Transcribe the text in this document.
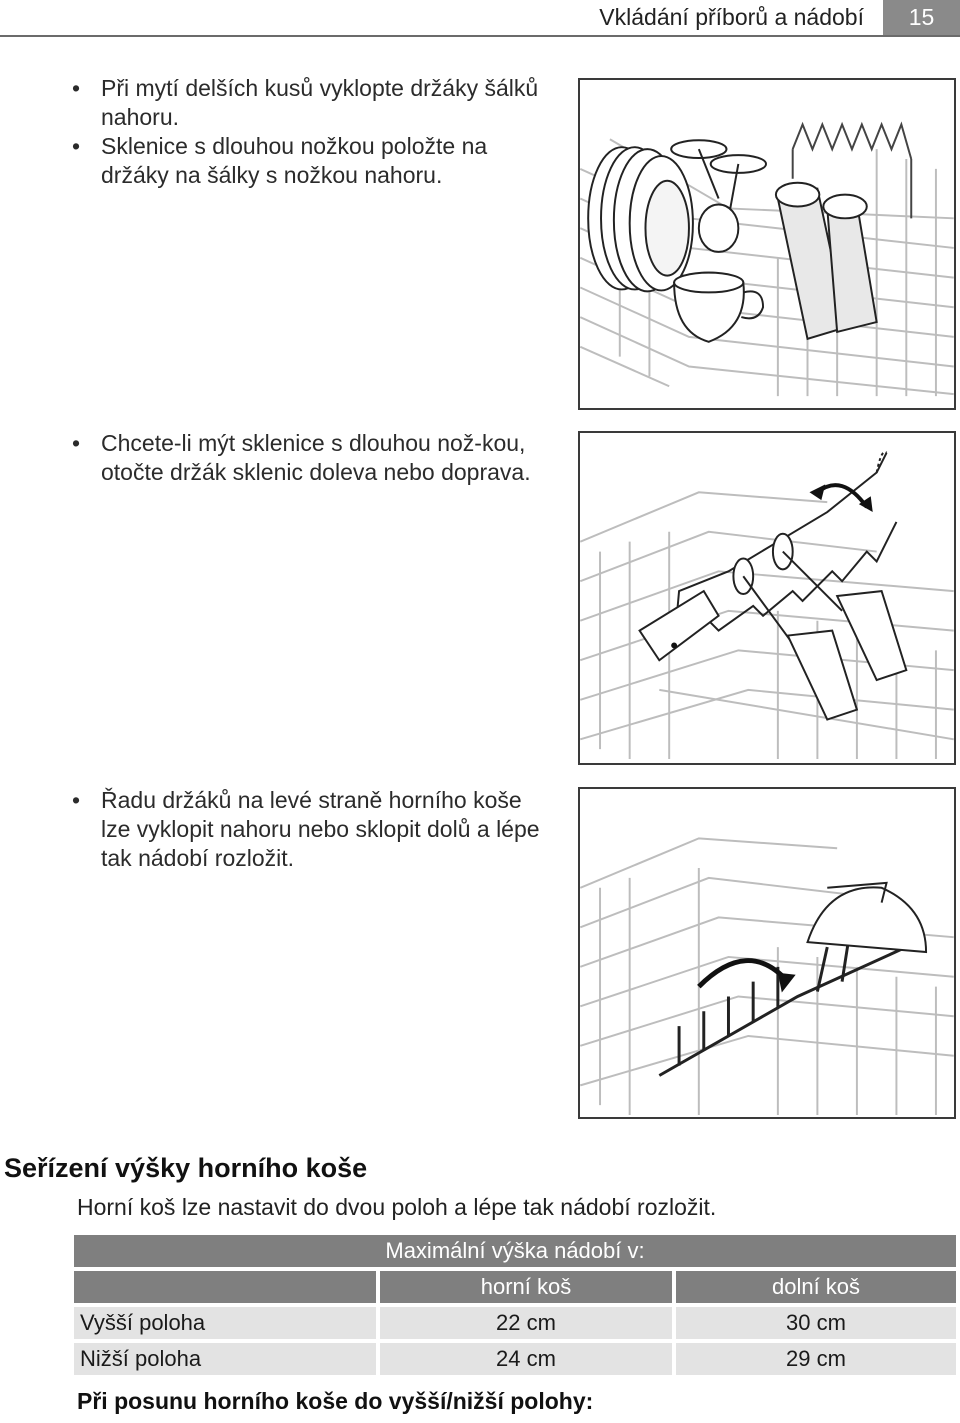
Vkládání příborů a nádobí	15
• Při mytí delších kusů vyklopte držáky šálků nahoru.
• Sklenice s dlouhou nožkou položte na držáky na šálky s nožkou nahoru.
• Chcete-li mýt sklenice s dlouhou nož-kou, otočte držák sklenic doleva nebo doprava.
• Řadu držáků na levé straně horního koše lze vyklopit nahoru nebo sklopit dolů a lépe tak nádobí rozložit.
Seřízení výšky horního koše
Horní koš lze nastavit do dvou poloh a lépe tak nádobí rozložit.
Maximální výška nádobí v:		
	horní koš	dolní koš
Vyšší poloha	22 cm	30 cm
Nižší poloha	24 cm	29 cm
Při posunu horního koše do vyšší/nižší polohy:
